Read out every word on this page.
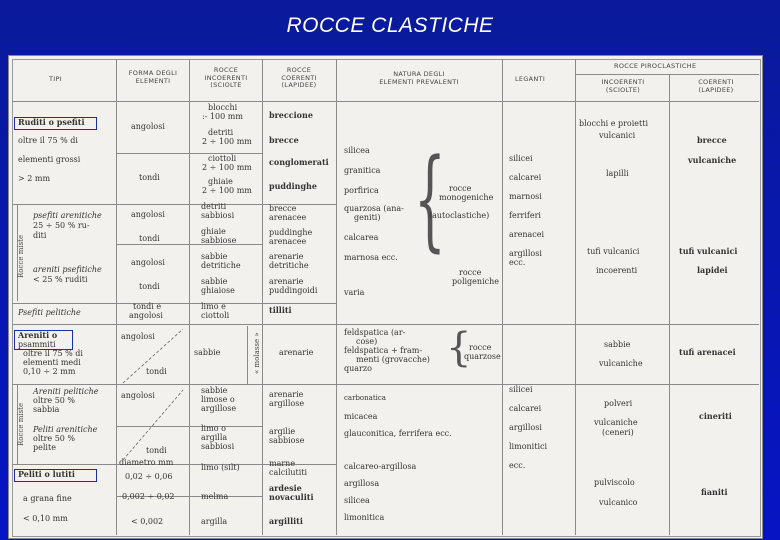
ROCCE CLASTICHE
TIPI
FORMA DEGLI
ELEMENTI
ROCCE
INCOERENTI
(SCIOLTE
ROCCE
COERENTI
(LAPIDEE)
NATURA DEGLI
ELEMENTI PREVALENTI	LEGANTI
ROCCE PIROCLASTICHE
INCOERENTI
(SCIOLTE)
COERENTI
(LAPIDEE)
Ruditi o psefiti
oltre il 75 % di
elementi grossi
> 2 mm
Rocce miste
psefiti arenitiche
25 ÷ 50 % ru-
diti
areniti psefitiche
< 25 % ruditi
Psefiti pelitiche
Areniti o
psammiti
oltre il 75 % di
elementi medi
0,10 ÷ 2 mm
Rocce miste
Areniti pelitiche
oltre 50 %
sabbia
Peliti arenitiche
oltre 50 %
pelite
Peliti o lutiti
a grana fine
< 0,10 mm
angolosi
tondi
angolosi
tondi
angolosi
tondi
tondi e
angolosi
angolosi
tondi
angolosi
tondi
diametro mm
0,02 ÷ 0,06
0,002 ÷ 0,02
< 0,002
blocchi
:- 100 mm
detriti
2 ÷ 100 mm
ciottoli
2 ÷ 100 mm
ghiaie
2 ÷ 100 mm
detriti
sabbiosi
ghiaie
sabbiose
sabbie
detritiche
sabbie
ghiaiose
limo e
ciottoli
sabbie
sabbie
limose o
argillose
limo o
argilla
sabbiosi
limo (silt)
melma
argilla
breccione
brecce
conglomerati
puddinghe
brecce
arenacee
puddinghe
arenacee
arenarie
detritiche
arenarie
puddingoidi
tilliti
« molasse » arenarie
arenarie
argillose
argilie
sabbiose
marne
calcilutiti
ardesie
novaculiti
argilliti
silicea
granitica
porfirica
quarzosa (ana-
geniti)
calcarea
marnosa ecc.
varia
{ rocce
monogeniche
(autoclastiche)
rocce
poligeniche
feldspatica (ar-
cose)
feldspatica + fram-
menti (grovacche)
quarzo {
rocce
quarzose
carbonatica
micacea
glauconitica, ferrifera ecc.
calcareo-argillosa
argillosa
silicea
limonitica
silicei
calcarei
marnosi
ferriferi
arenacei
argillosi
ecc.
silicei
calcarei
argillosi
limonitici
ecc.
blocchi e proietti
vulcanici
lapilli
brecce
vulcaniche
tufi vulcanici
incoerenti
tufi vulcanici
lapidei
sabbie
vulcaniche
tufi arenacei
polveri
vulcaniche
(ceneri)
cineriti
pulviscolo
vulcanico
fianiti
